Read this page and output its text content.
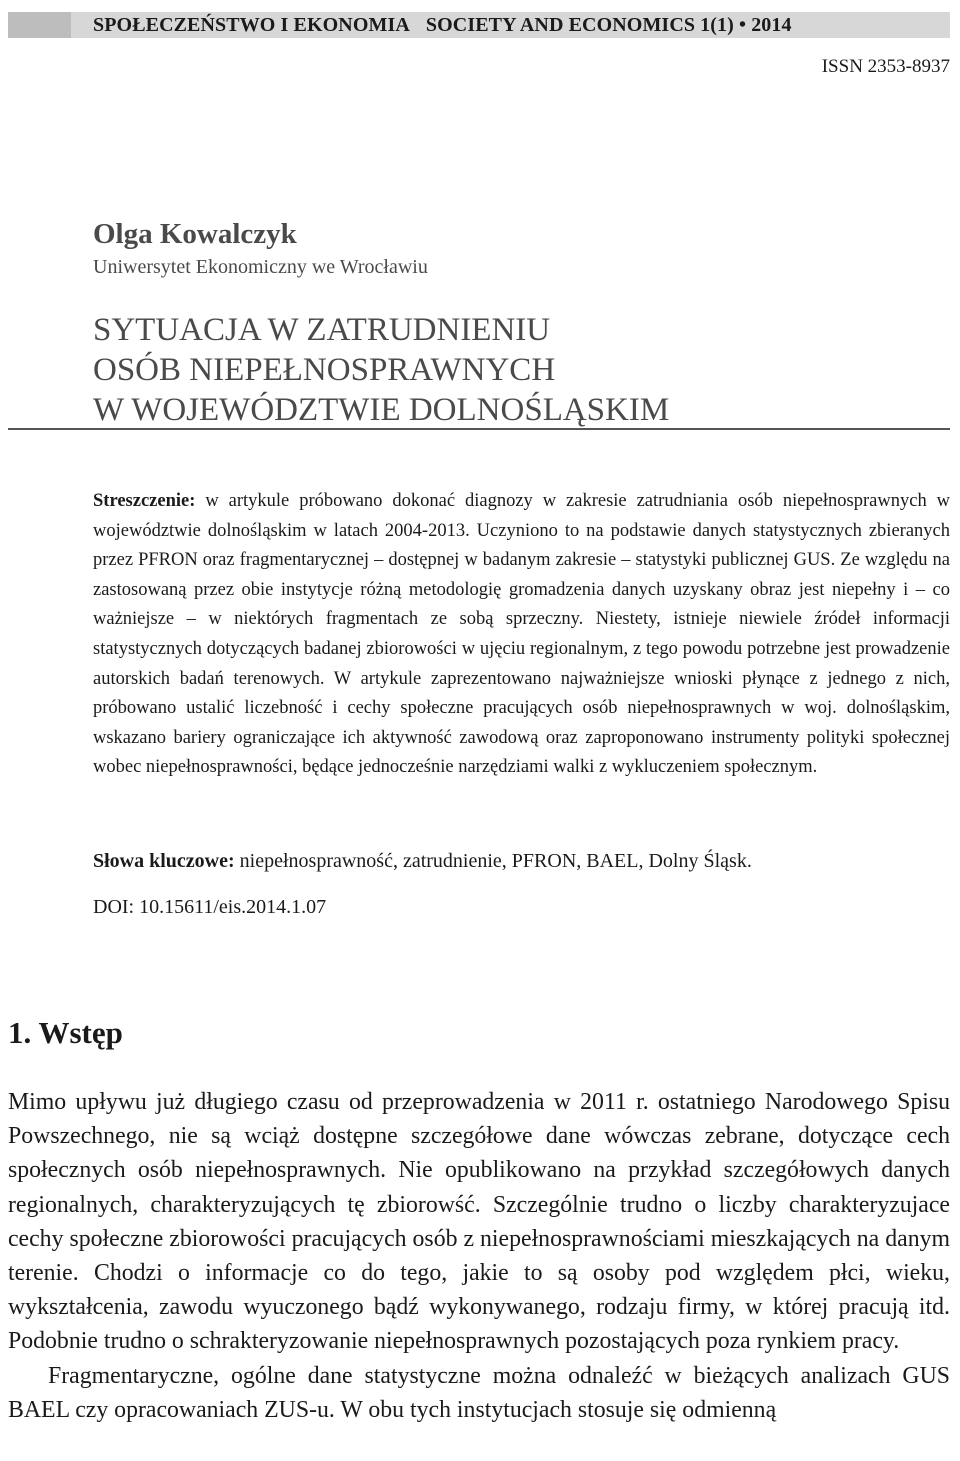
SPOŁECZEŃSTWO I EKONOMIA SOCIETY AND ECONOMICS 1(1) • 2014
ISSN 2353-8937
Olga Kowalczyk
Uniwersytet Ekonomiczny we Wrocławiu
SYTUACJA W ZATRUDNIENIU
OSÓB NIEPEŁNOSPRAWNYCH
W WOJEWÓDZTWIE DOLNOŚLĄSKIM
Streszczenie: w artykule próbowano dokonać diagnozy w zakresie zatrudniania osób niepełnosprawnych w województwie dolnośląskim w latach 2004-2013. Uczyniono to na podstawie danych statystycznych zbieranych przez PFRON oraz fragmentarycznej – dostępnej w badanym zakresie – statystyki publicznej GUS. Ze względu na zastosowaną przez obie instytycje różną metodologię gromadzenia danych uzyskany obraz jest niepełny i – co ważniejsze – w niektórych fragmentach ze sobą sprzeczny. Niestety, istnieje niewiele źródeł informacji statystycznych dotyczących badanej zbiorowości w ujęciu regionalnym, z tego powodu potrzebne jest prowadzenie autorskich badań terenowych. W artykule zaprezentowano najważniejsze wnioski płynące z jednego z nich, próbowano ustalić liczebność i cechy społeczne pracujących osób niepełnosprawnych w woj. dolnośląskim, wskazano bariery ograniczające ich aktywność zawodową oraz zaproponowano instrumenty polityki społecznej wobec niepełnosprawności, będące jednocześnie narzędziami walki z wykluczeniem społecznym.
Słowa kluczowe: niepełnosprawność, zatrudnienie, PFRON, BAEL, Dolny Śląsk.
DOI: 10.15611/eis.2014.1.07
1. Wstęp

Mimo upływu już długiego czasu od przeprowadzenia w 2011 r. ostatniego Narodowego Spisu Powszechnego, nie są wciąż dostępne szczegółowe dane wówczas zebrane, dotyczące cech społecznych osób niepełnosprawnych. Nie opublikowano na przykład szczegółowych danych regionalnych, charakteryzujących tę zbiorowść. Szczególnie trudno o liczby charakteryzujace cechy społeczne zbiorowości pracujących osób z niepełnosprawnościami mieszkających na danym terenie. Chodzi o informacje co do tego, jakie to są osoby pod względem płci, wieku, wykształcenia, zawodu wyuczonego bądź wykonywanego, rodzaju firmy, w której pracują itd. Podobnie trudno o schrakteryzowanie niepełnosprawnych pozostających poza rynkiem pracy.

Fragmentaryczne, ogólne dane statystyczne można odnaleźć w bieżących analizach GUS BAEL czy opracowaniach ZUS-u. W obu tych instytucjach stosuje się odmienną
